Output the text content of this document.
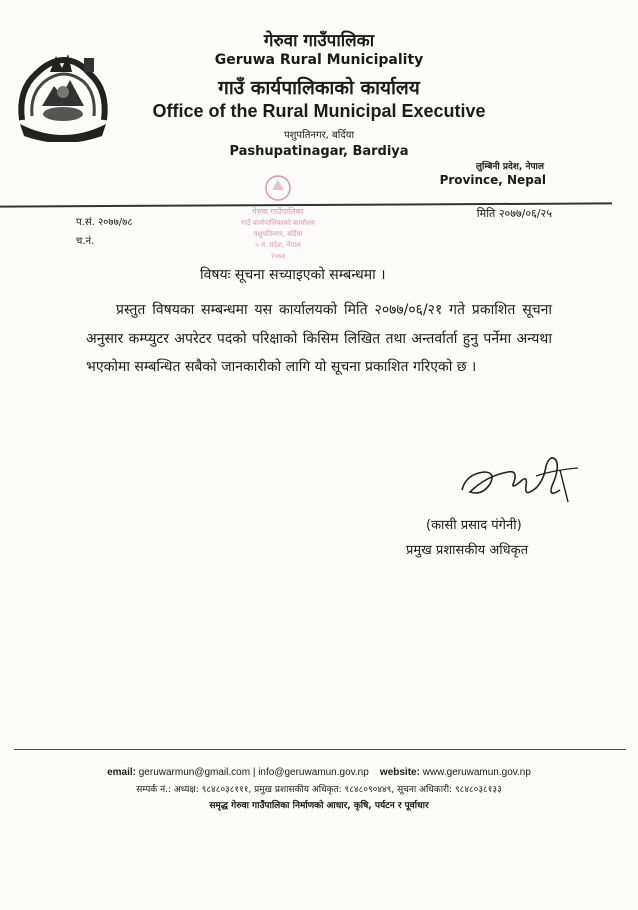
गेरुवा गाउँपालिका
Geruwa Rural Municipality
गाउँ कार्यपालिकाको कार्यालय
Office of the Rural Municipal Executive
पशुपतिनगर, बर्दिया
Pashupatinagar, Bardiya
लुम्बिनी प्रदेश, नेपाल
Province, Nepal
प.सं. २०७७/७८
च.नं.
मिति २०७७/०६/२५
गेरुवा गाउँपालिका
गाउँ कार्यपालिकाको कार्यालय
पशुपतिनगर, बर्दिया
५ नं. प्रदेश, नेपाल
२०७३
विषयः सूचना सच्याइएको सम्बन्धमा ।
प्रस्तुत विषयका सम्बन्धमा यस कार्यालयको मिति २०७७/०६/२१ गते प्रकाशित सूचना अनुसार कम्प्युटर अपरेटर पदको परिक्षाको किसिम लिखित तथा अन्तर्वार्ता हुनु पर्नेमा अन्यथा भएकोमा सम्बन्धित सबैको जानकारीको लागि यो सूचना प्रकाशित गरिएको छ ।
(कासी प्रसाद पंगेनी)
प्रमुख प्रशासकीय अधिकृत
email: geruwarmun@gmail.com | info@geruwamun.gov.np website: www.geruwamun.gov.np
सम्पर्क नं.: अध्यक्ष: ९८४८०३८१११, प्रमुख प्रशासकीय अधिकृत: ९८४८०९०४४९, सूचना अधिकारी: ९८४८०३८१३३
समृद्ध गेरुवा गाउँपालिका निर्माणको आधार, कृषि, पर्यटन र पूर्वाधार
